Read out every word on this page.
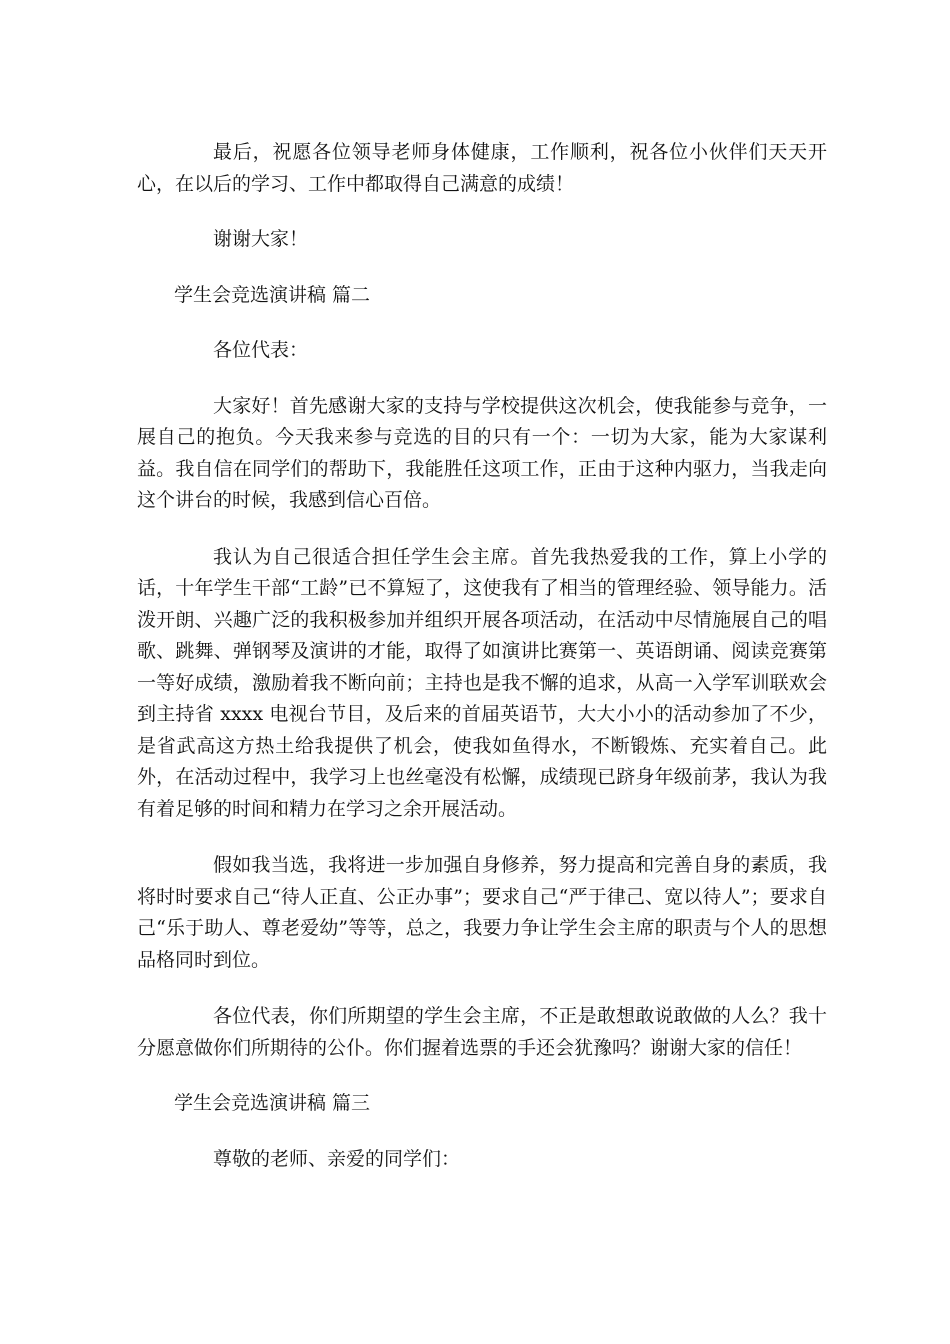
最后，祝愿各位领导老师身体健康，工作顺利，祝各位小伙伴们天天开心，在以后的学习、工作中都取得自己满意的成绩！

谢谢大家！

学生会竞选演讲稿 篇二

各位代表：

大家好！首先感谢大家的支持与学校提供这次机会，使我能参与竞争，一展自己的抱负。今天我来参与竞选的目的只有一个：一切为大家，能为大家谋利益。我自信在同学们的帮助下，我能胜任这项工作，正由于这种内驱力，当我走向这个讲台的时候，我感到信心百倍。

我认为自己很适合担任学生会主席。首先我热爱我的工作，算上小学的话，十年学生干部“工龄”已不算短了，这使我有了相当的管理经验、领导能力。活泼开朗、兴趣广泛的我积极参加并组织开展各项活动，在活动中尽情施展自己的唱歌、跳舞、弹钢琴及演讲的才能，取得了如演讲比赛第一、英语朗诵、阅读竞赛第一等好成绩，激励着我不断向前；主持也是我不懈的追求，从高一入学军训联欢会到主持省 xxxx 电视台节目，及后来的首届英语节，大大小小的活动参加了不少，是省武高这方热土给我提供了机会，使我如鱼得水，不断锻炼、充实着自己。此外，在活动过程中，我学习上也丝毫没有松懈，成绩现已跻身年级前茅，我认为我有着足够的时间和精力在学习之余开展活动。

假如我当选，我将进一步加强自身修养，努力提高和完善自身的素质，我将时时要求自己“待人正直、公正办事”；要求自己“严于律己、宽以待人”；要求自己“乐于助人、尊老爱幼”等等，总之，我要力争让学生会主席的职责与个人的思想品格同时到位。

各位代表，你们所期望的学生会主席，不正是敢想敢说敢做的人么？我十分愿意做你们所期待的公仆。你们握着选票的手还会犹豫吗？谢谢大家的信任！

学生会竞选演讲稿 篇三

尊敬的老师、亲爱的同学们：
